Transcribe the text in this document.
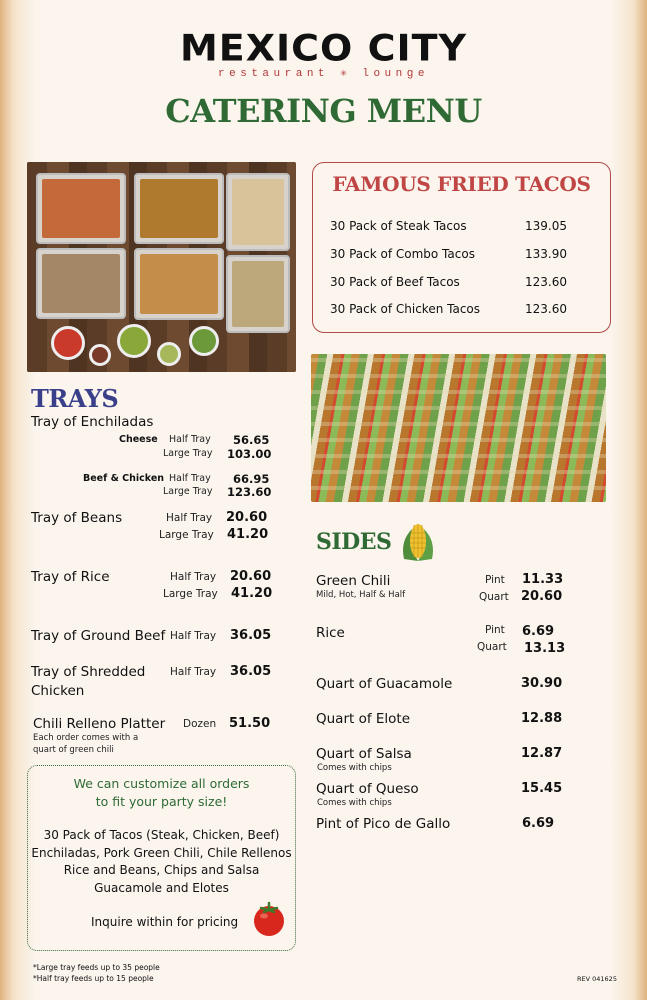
MEXICO CITY
restaurant ✳ lounge
CATERING MENU
FAMOUS FRIED TACOS
30 Pack of Steak Tacos	139.05
30 Pack of Combo Tacos	133.90
30 Pack of Beef Tacos	123.60
30 Pack of Chicken Tacos	123.60
TRAYS
Tray of Enchiladas
Cheese Half Tray 56.65
Large Tray 103.00
Beef & Chicken Half Tray 66.95
Large Tray 123.60
Tray of Beans	Half Tray 20.60
Large Tray 41.20
Tray of Rice	Half Tray 20.60
Large Tray 41.20
Tray of Ground Beef Half Tray 36.05
Tray of Shredded
Chicken
Half Tray 36.05
Chili Relleno Platter Dozen 51.50
Each order comes with a
quart of green chili
SIDES
Green Chili
Mild, Hot, Half & Half
Pint 11.33
Quart 20.60
Rice	Pint 6.69
Quart 13.13
Quart of Guacamole	30.90
Quart of Elote	12.88
Quart of Salsa
Comes with chips
12.87
Quart of Queso
Comes with chips
15.45
Pint of Pico de Gallo	6.69
We can customize all orders
to fit your party size!
30 Pack of Tacos (Steak, Chicken, Beef)
Enchiladas, Pork Green Chili, Chile Rellenos
Rice and Beans, Chips and Salsa
Guacamole and Elotes
Inquire within for pricing
*Large tray feeds up to 35 people
*Half tray feeds up to 15 people	REV 041625
